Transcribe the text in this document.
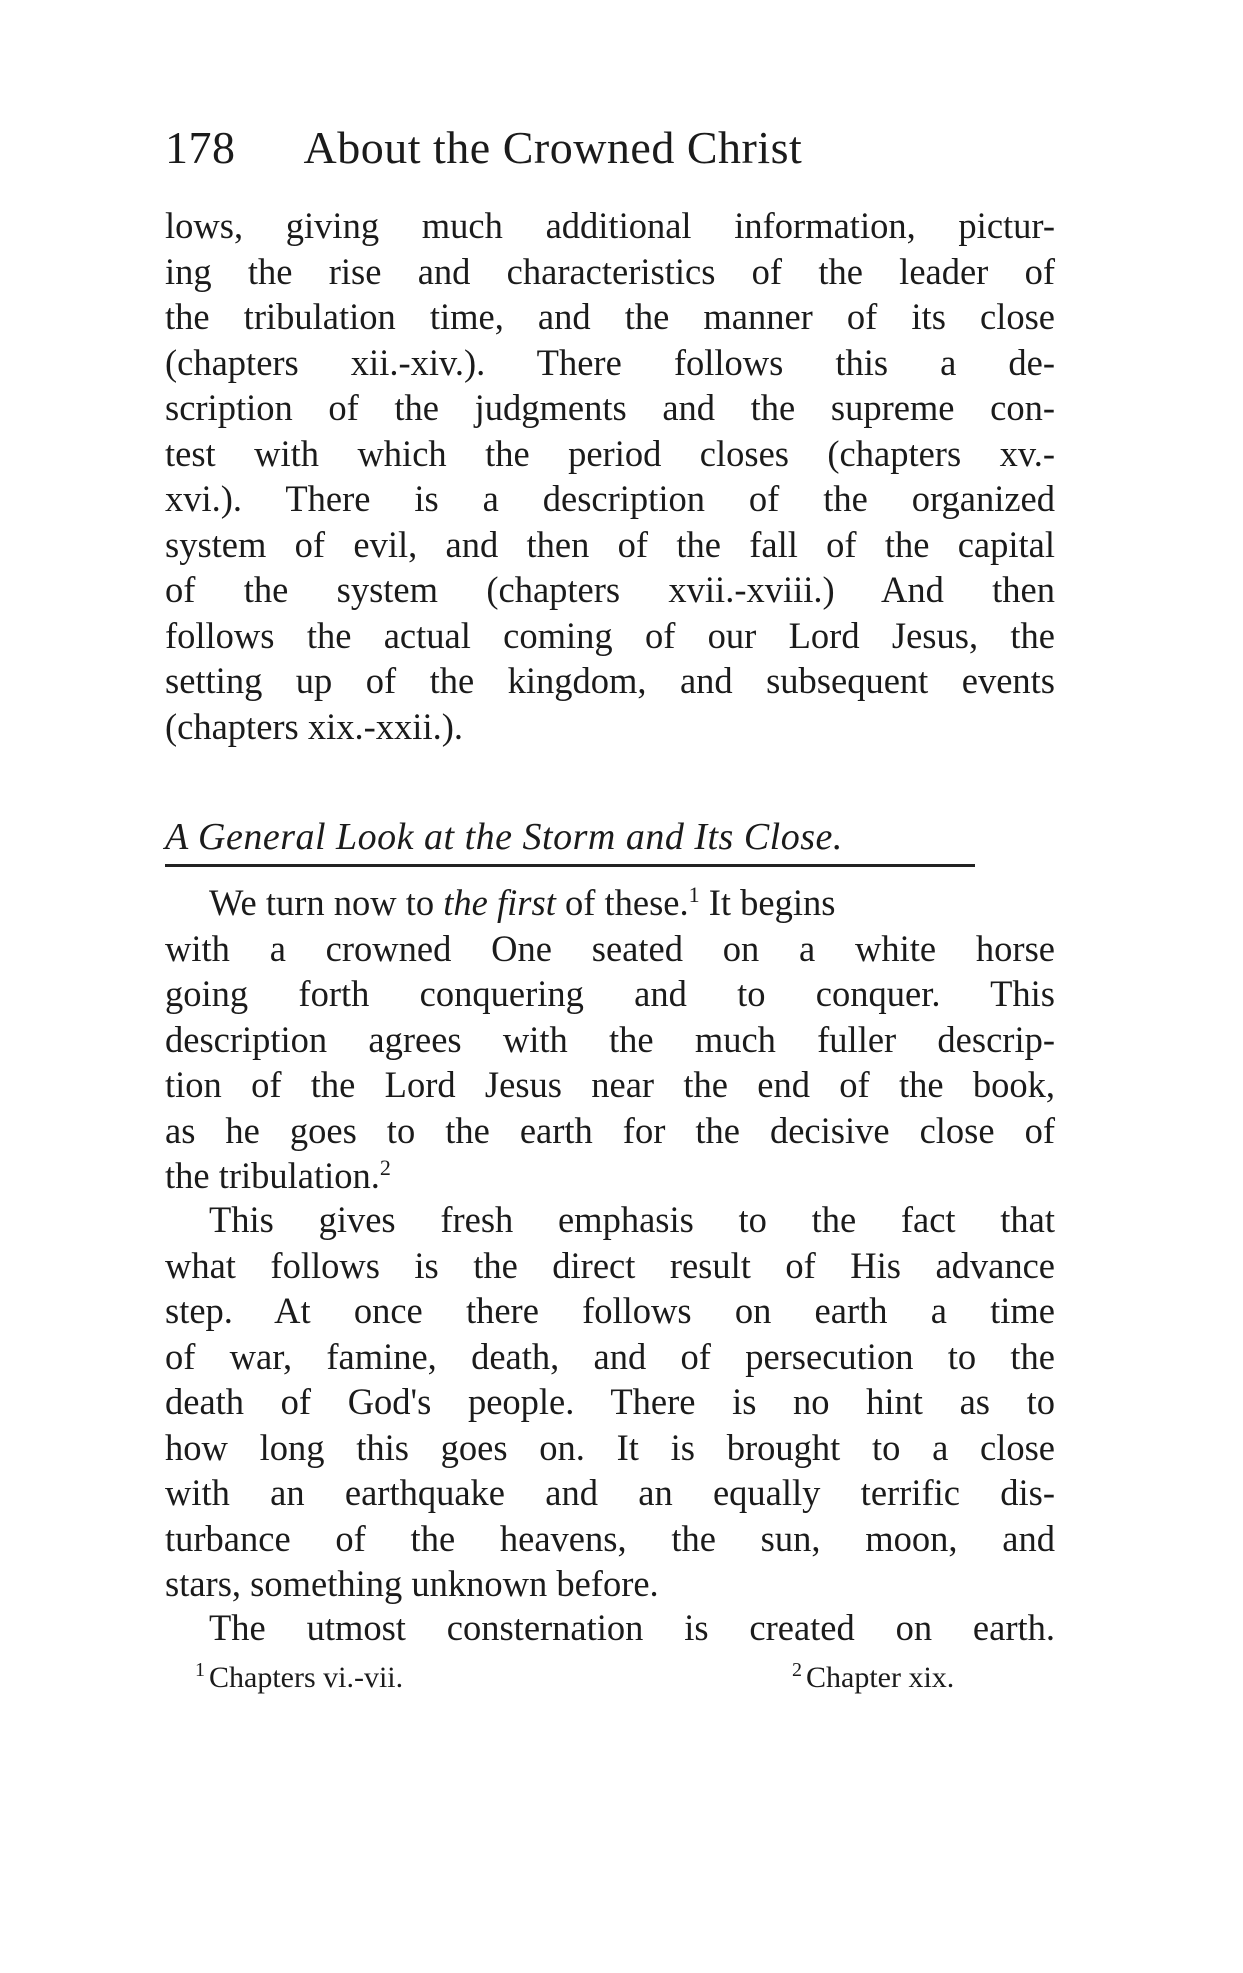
178 About the Crowned Christ
lows, giving much additional information, pictur-
ing the rise and characteristics of the leader of
the tribulation time, and the manner of its close
(chapters xii.-xiv.). There follows this a de-
scription of the judgments and the supreme con-
test with which the period closes (chapters xv.-
xvi.). There is a description of the organized
system of evil, and then of the fall of the capital
of the system (chapters xvii.-xviii.) And then
follows the actual coming of our Lord Jesus, the
setting up of the kingdom, and subsequent events
(chapters xix.-xxii.).
A General Look at the Storm and Its Close.
We turn now to the first of these.$^1$ It begins
with a crowned One seated on a white horse
going forth conquering and to conquer. This
description agrees with the much fuller descrip-
tion of the Lord Jesus near the end of the book,
as he goes to the earth for the decisive close of
the tribulation.$^2$
This gives fresh emphasis to the fact that
what follows is the direct result of His advance
step. At once there follows on earth a time
of war, famine, death, and of persecution to the
death of God's people. There is no hint as to
how long this goes on. It is brought to a close
with an earthquake and an equally terrific dis-
turbance of the heavens, the sun, moon, and
stars, something unknown before.
The utmost consternation is created on earth.
$^1$ Chapters vi.-vii.	$^2$ Chapter xix.
